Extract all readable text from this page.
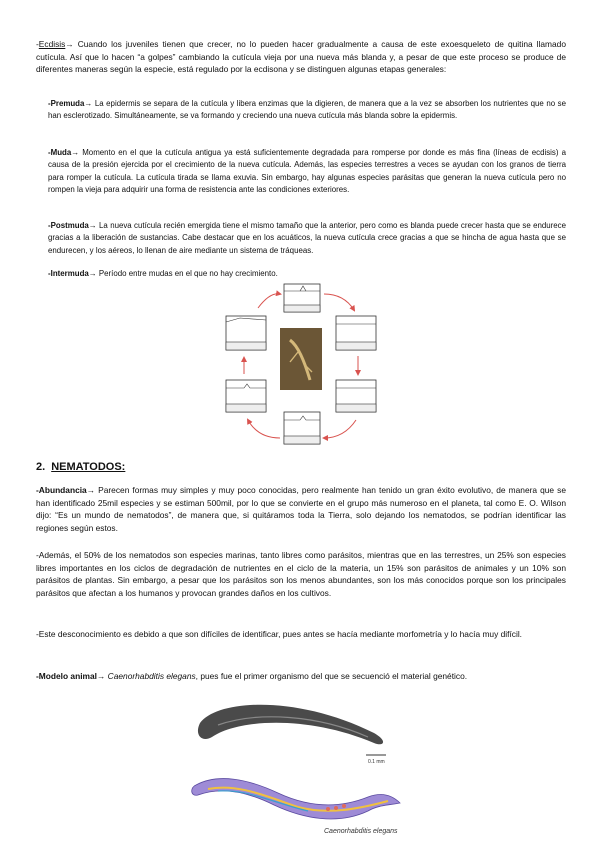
-Ecdisis→ Cuando los juveniles tienen que crecer, no lo pueden hacer gradualmente a causa de este exoesqueleto de quitina llamado cutícula. Así que lo hacen “a golpes” cambiando la cutícula vieja por una nueva más blanda y, a pesar de que este proceso se produce de diferentes maneras según la especie, está regulado por la ecdisona y se distinguen algunas etapas generales:
-Premuda→ La epidermis se separa de la cutícula y libera enzimas que la digieren, de manera que a la vez se absorben los nutrientes que no se han esclerotizado. Simultáneamente, se va formando y creciendo una nueva cutícula más blanda sobre la epidermis.
-Muda→ Momento en el que la cutícula antigua ya está suficientemente degradada para romperse por donde es más fina (líneas de ecdisis) a causa de la presión ejercida por el crecimiento de la nueva cutícula. Además, las especies terrestres a veces se ayudan con los granos de tierra para romper la cutícula. La cutícula tirada se llama exuvia. Sin embargo, hay algunas especies parásitas que generan la nueva cutícula pero no rompen la vieja para adquirir una forma de resistencia ante las condiciones exteriores.
-Postmuda→ La nueva cutícula recién emergida tiene el mismo tamaño que la anterior, pero como es blanda puede crecer hasta que se endurece gracias a la liberación de sustancias. Cabe destacar que en los acuáticos, la nueva cutícula crece gracias a que se hincha de agua hasta que se endurecen, y los aéreos, lo llenan de aire mediante un sistema de tráqueas.
-Intermuda→ Período entre mudas en el que no hay crecimiento.
2. NEMATODOS:
-Abundancia→ Parecen formas muy simples y muy poco conocidas, pero realmente han tenido un gran éxito evolutivo, de manera que se han identificado 25mil especies y se estiman 500mil, por lo que se convierte en el grupo más numeroso en el planeta, tal como E. O. Wilson dijo: “Es un mundo de nematodos”, de manera que, si quitáramos toda la Tierra, solo dejando los nematodos, se podrían identificar las regiones según estos.
-Además, el 50% de los nematodos son especies marinas, tanto libres como parásitos, mientras que en las terrestres, un 25% son especies libres importantes en los ciclos de degradación de nutrientes en el ciclo de la materia, un 15% son parásitos de animales y un 10% son parásitos de plantas. Sin embargo, a pesar que los parásitos son los menos abundantes, son los más conocidos porque son los principales parásitos que afectan a los humanos y provocan grandes daños en los cultivos.
-Este desconocimiento es debido a que son difíciles de identificar, pues antes se hacía mediante morfometría y lo hacía muy difícil.
-Modelo animal→ Caenorhabditis elegans, pues fue el primer organismo del que se secuenció el material genético.
0.1 mm
Caenorhabditis elegans
